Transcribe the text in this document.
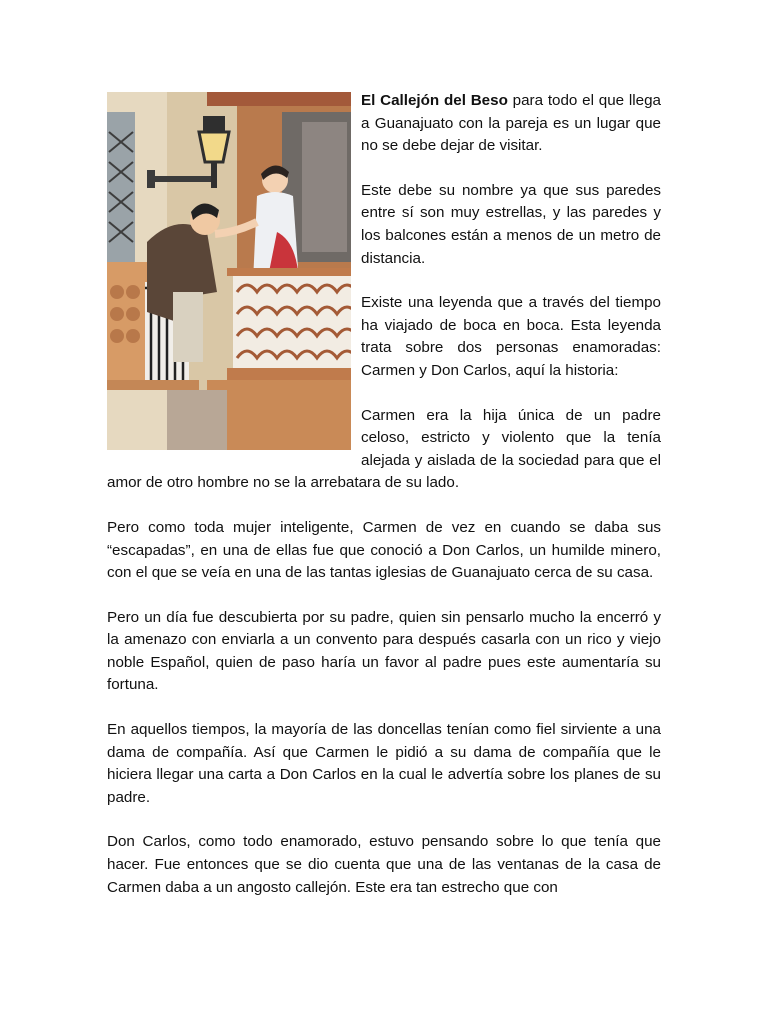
El Callejón del Beso para todo el que llega a Guanajuato con la pareja es un lugar que no se debe dejar de visitar.

Este debe su nombre ya que sus paredes entre sí son muy estrellas, y las paredes y los balcones están a menos de un metro de distancia.

Existe una leyenda que a través del tiempo ha viajado de boca en boca. Esta leyenda trata sobre dos personas enamoradas: Carmen y Don Carlos, aquí la historia:

Carmen era la hija única de un padre celoso, estricto y violento que la tenía alejada y aislada de la sociedad para que el amor de otro hombre no se la arrebatara de su lado.

Pero como toda mujer inteligente, Carmen de vez en cuando se daba sus “escapadas”, en una de ellas fue que conoció a Don Carlos, un humilde minero, con el que se veía en una de las tantas iglesias de Guanajuato cerca de su casa.

Pero un día fue descubierta por su padre, quien sin pensarlo mucho la encerró y la amenazo con enviarla a un convento para después casarla con un rico y viejo noble Español, quien de paso haría un favor al padre pues este aumentaría su fortuna.

En aquellos tiempos, la mayoría de las doncellas tenían como fiel sirviente a una dama de compañía. Así que Carmen le pidió a su dama de compañía que le hiciera llegar una carta a Don Carlos en la cual le advertía sobre los planes de su padre.

Don Carlos, como todo enamorado, estuvo pensando sobre lo que tenía que hacer. Fue entonces que se dio cuenta que una de las ventanas de la casa de Carmen daba a un angosto callejón. Este era tan estrecho que con
